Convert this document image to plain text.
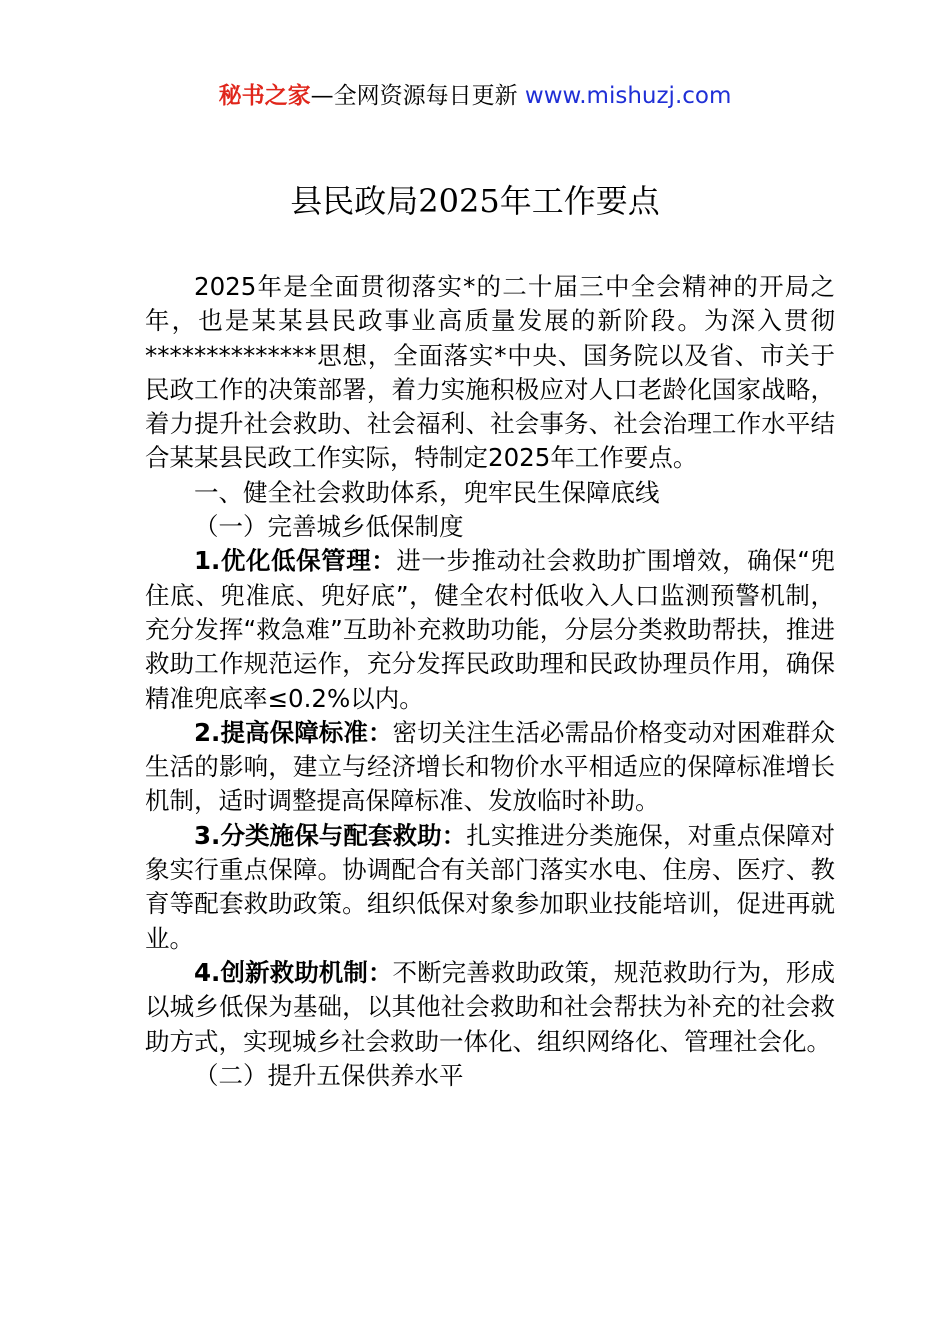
秘书之家—全网资源每日更新 www.mishuzj.com
县民政局2025年工作要点

2025年是全面贯彻落实*的二十届三中全会精神的开局之年，也是某某县民政事业高质量发展的新阶段。为深入贯彻**************思想，全面落实*中央、国务院以及省、市关于民政工作的决策部署，着力实施积极应对人口老龄化国家战略，着力提升社会救助、社会福利、社会事务、社会治理工作水平结合某某县民政工作实际，特制定2025年工作要点。

一、健全社会救助体系，兜牢民生保障底线

（一）完善城乡低保制度

1.优化低保管理：进一步推动社会救助扩围增效，确保“兜住底、兜准底、兜好底”，健全农村低收入人口监测预警机制，充分发挥“救急难”互助补充救助功能，分层分类救助帮扶，推进救助工作规范运作，充分发挥民政助理和民政协理员作用，确保精准兜底率≤0.2%以内。

2.提高保障标准：密切关注生活必需品价格变动对困难群众生活的影响，建立与经济增长和物价水平相适应的保障标准增长机制，适时调整提高保障标准、发放临时补助。

3.分类施保与配套救助：扎实推进分类施保，对重点保障对象实行重点保障。协调配合有关部门落实水电、住房、医疗、教育等配套救助政策。组织低保对象参加职业技能培训，促进再就业。

4.创新救助机制：不断完善救助政策，规范救助行为，形成以城乡低保为基础，以其他社会救助和社会帮扶为补充的社会救助方式，实现城乡社会救助一体化、组织网络化、管理社会化。

（二）提升五保供养水平
